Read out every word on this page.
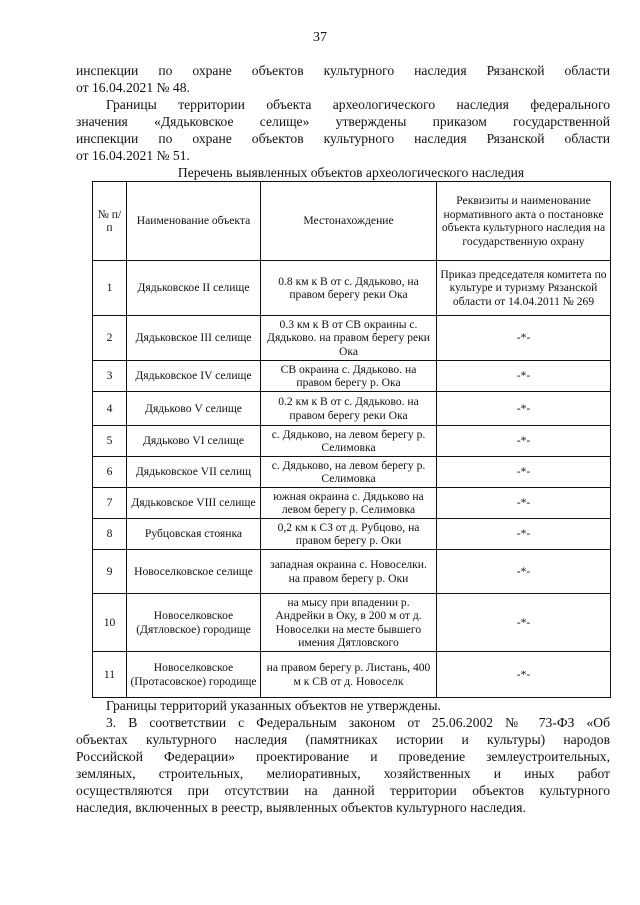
37

инспекции по охране объектов культурного наследия Рязанской области

от 16.04.2021 № 48.

Границы территории объекта археологического наследия федерального

значения «Дядьковское селище» утверждены приказом государственной

инспекции по охране объектов культурного наследия Рязанской области

от 16.04.2021 № 51.

Перечень выявленных объектов археологического наследия
№ п/п	Наименование объекта	Местонахождение	Реквизиты и наименование нормативного акта о постановке объекта культурного наследия на государственную охрану
1	Дядьковское II селище	0.8 км к В от с. Дядьково, на правом берегу реки Ока	Приказ председателя комитета по культуре и туризму Рязанской области от 14.04.2011 № 269
2	Дядьковское III селище	0.3 км к В от СВ окраины с. Дядьково. на правом берегу реки Ока	-*-
3	Дядьковское IV селище	СВ окраина с. Дядьково. на правом берегу р. Ока	-*-
4	Дядьково V селище	0.2 км к В от с. Дядьково. на правом берегу реки Ока	-*-
5	Дядьково VI селище	с. Дядьково, на левом берегу р. Селимовка	-*-
6	Дядьковское VII селищ	с. Дядьково, на левом берегу р. Селимовка	-*-
7	Дядьковское VIII селище	южная окраина с. Дядьково на левом берегу р. Селимовка	-*-
8	Рубцовская стоянка	0,2 км к СЗ от д. Рубцово, на правом берегу р. Оки	-*-
9	Новоселковское селище	западная окраина с. Новоселки. на правом берегу р. Оки	-*-
10	Новоселковское (Дятловское) городище	на мысу при впадении р. Андрейки в Оку, в 200 м от д. Новоселки на месте бывшего имения Дятловского	-*-
11	Новоселковское (Протасовское) городище	на правом берегу р. Листань, 400 м к СВ от д. Новоселк	-*-

Границы территорий указанных объектов не утверждены.

3. В соответствии с Федеральным законом от 25.06.2002 № 73-ФЗ «Об

объектах культурного наследия (памятниках истории и культуры) народов

Российской Федерации» проектирование и проведение землеустроительных,

земляных, строительных, мелиоративных, хозяйственных и иных работ

осуществляются при отсутствии на данной территории объектов культурного

наследия, включенных в реестр, выявленных объектов культурного наследия.
